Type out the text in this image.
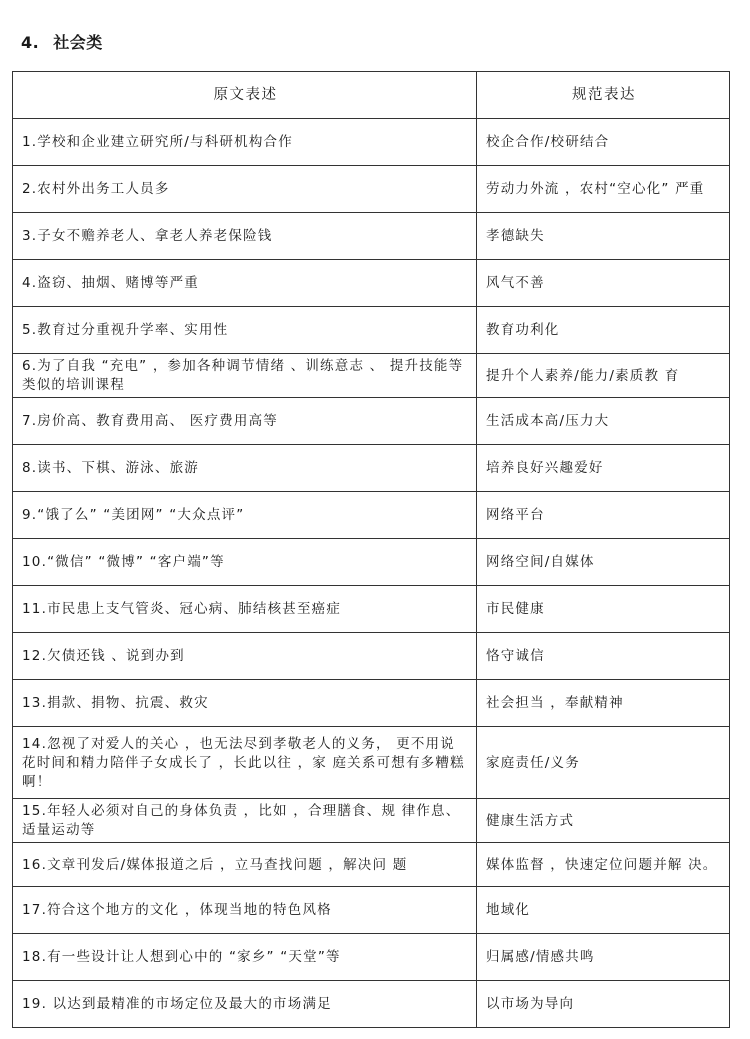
4. 社会类
原文表述	规范表达
1.学校和企业建立研究所/与科研机构合作	校企合作/校研结合
2.农村外出务工人员多	劳动力外流 ，农村“空心化” 严重
3.子女不赡养老人、拿老人养老保险钱	孝德缺失
4.盗窃、抽烟、赌博等严重	风气不善
5.教育过分重视升学率、实用性	教育功利化
6.为了自我 “充电” ，参加各种调节情绪 、训练意志 、 提升技能等类似的培训课程	提升个人素养/能力/素质教 育
7.房价高、教育费用高、 医疗费用高等	生活成本高/压力大
8.读书、下棋、游泳、旅游	培养良好兴趣爱好
9.“饿了么” “美团网” “大众点评”	网络平台
10.“微信” “微博” “客户端”等	网络空间/自媒体
11.市民患上支气管炎、冠心病、肺结核甚至癌症	市民健康
12.欠债还钱 、说到办到	恪守诚信
13.捐款、捐物、抗震、救灾	社会担当 ，奉献精神
14.忽视了对爱人的关心 ，也无法尽到孝敬老人的义务， 更不用说花时间和精力陪伴子女成长了 ，长此以往 ，家 庭关系可想有多糟糕啊！	家庭责任/义务
15.年轻人必须对自己的身体负责 ，比如 ，合理膳食、规 律作息、适量运动等	健康生活方式
16.文章刊发后/媒体报道之后 ，立马查找问题 ，解决问 题	媒体监督 ，快速定位问题并解 决。
17.符合这个地方的文化 ，体现当地的特色风格	地域化
18.有一些设计让人想到心中的 “家乡” “天堂”等	归属感/情感共鸣
19. 以达到最精准的市场定位及最大的市场满足	以市场为导向
